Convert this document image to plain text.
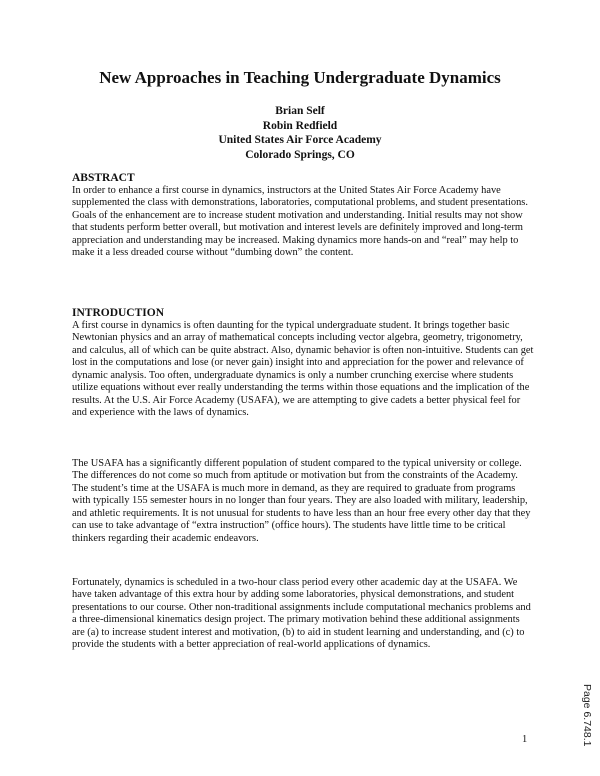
New Approaches in Teaching Undergraduate Dynamics
Brian Self
Robin Redfield
United States Air Force Academy
Colorado Springs, CO
ABSTRACT

In order to enhance a first course in dynamics, instructors at the United States Air Force Academy have supplemented the class with demonstrations, laboratories, computational problems, and student presentations. Goals of the enhancement are to increase student motivation and understanding. Initial results may not show that students perform better overall, but motivation and interest levels are definitely improved and long-term appreciation and understanding may be increased. Making dynamics more hands-on and “real” may help to make it a less dreaded course without “dumbing down” the content.

INTRODUCTION

A first course in dynamics is often daunting for the typical undergraduate student. It brings together basic Newtonian physics and an array of mathematical concepts including vector algebra, geometry, trigonometry, and calculus, all of which can be quite abstract. Also, dynamic behavior is often non-intuitive. Students can get lost in the computations and lose (or never gain) insight into and appreciation for the power and relevance of dynamic analysis. Too often, undergraduate dynamics is only a number crunching exercise where students utilize equations without ever really understanding the terms within those equations and the implication of the results. At the U.S. Air Force Academy (USAFA), we are attempting to give cadets a better physical feel for and experience with the laws of dynamics.

The USAFA has a significantly different population of student compared to the typical university or college. The differences do not come so much from aptitude or motivation but from the constraints of the Academy. The student’s time at the USAFA is much more in demand, as they are required to graduate from programs with typically 155 semester hours in no longer than four years. They are also loaded with military, leadership, and athletic requirements. It is not unusual for students to have less than an hour free every other day that they can use to take advantage of “extra instruction” (office hours). The students have little time to be critical thinkers regarding their academic endeavors.

Fortunately, dynamics is scheduled in a two-hour class period every other academic day at the USAFA. We have taken advantage of this extra hour by adding some laboratories, physical demonstrations, and student presentations to our course. Other non-traditional assignments include computational mechanics problems and a three-dimensional kinematics design project. The primary motivation behind these additional assignments are (a) to increase student interest and motivation, (b) to aid in student learning and understanding, and (c) to provide the students with a better appreciation of real-world applications of dynamics.

Page 6.748.1
1
